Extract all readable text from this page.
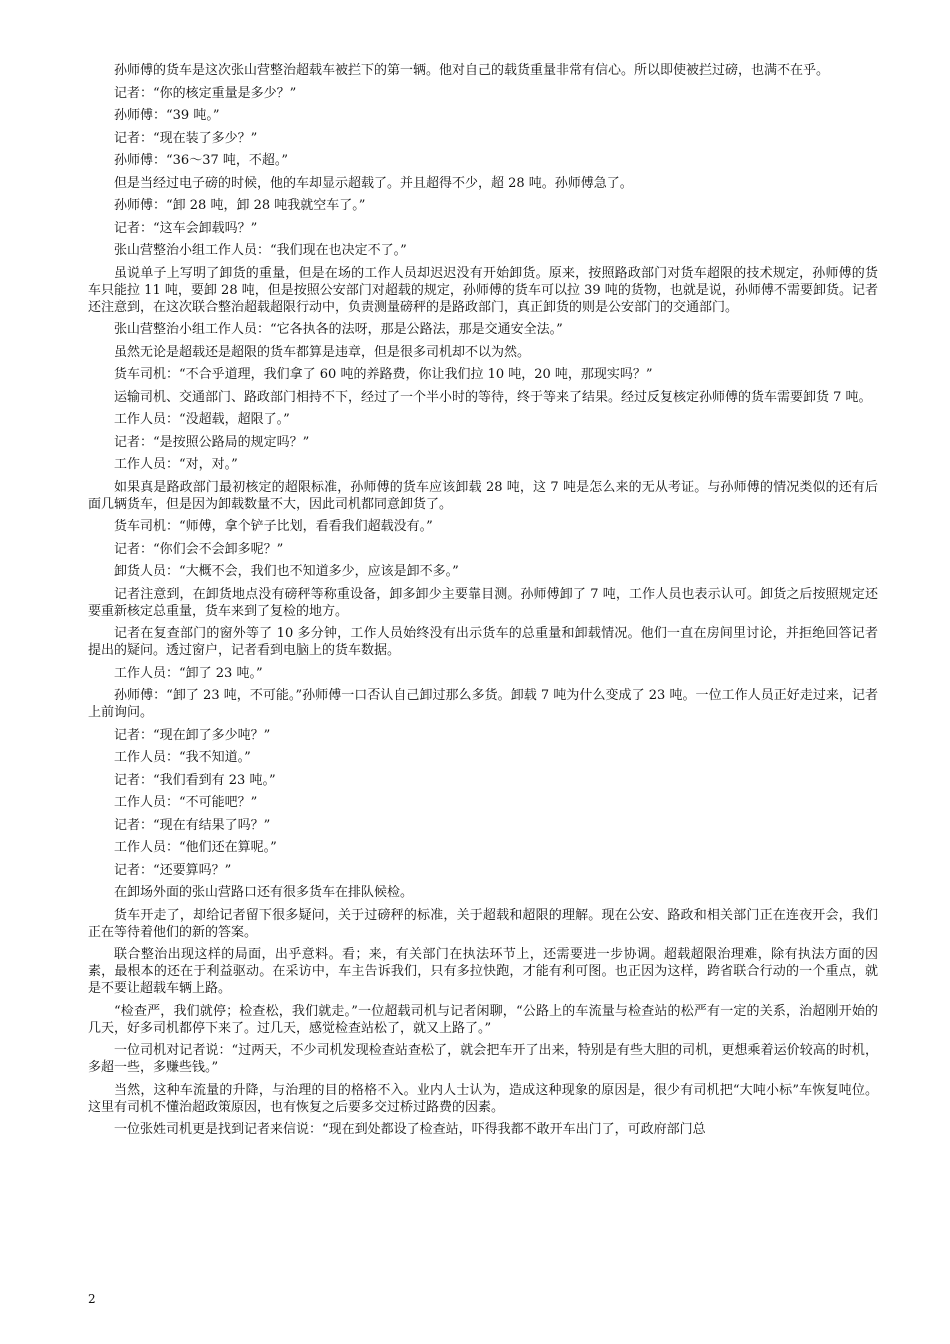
孙师傅的货车是这次张山营整治超载车被拦下的第一辆。他对自己的载货重量非常有信心。所以即使被拦过磅，也满不在乎。

记者：“你的核定重量是多少？”

孙师傅：“39 吨。”

记者：“现在装了多少？”

孙师傅：“36～37 吨，不超。”

但是当经过电子磅的时候，他的车却显示超载了。并且超得不少，超 28 吨。孙师傅急了。

孙师傅：“卸 28 吨，卸 28 吨我就空车了。”

记者：“这车会卸载吗？”

张山营整治小组工作人员：“我们现在也决定不了。”

虽说单子上写明了卸货的重量，但是在场的工作人员却迟迟没有开始卸货。原来，按照路政部门对货车超限的技术规定，孙师傅的货车只能拉 11 吨，要卸 28 吨，但是按照公安部门对超载的规定，孙师傅的货车可以拉 39 吨的货物，也就是说，孙师傅不需要卸货。记者还注意到，在这次联合整治超载超限行动中，负责测量磅秤的是路政部门，真正卸货的则是公安部门的交通部门。

张山营整治小组工作人员：“它各执各的法呀，那是公路法，那是交通安全法。”

虽然无论是超载还是超限的货车都算是违章，但是很多司机却不以为然。

货车司机：“不合乎道理，我们拿了 60 吨的养路费，你让我们拉 10 吨，20 吨，那现实吗？”

运输司机、交通部门、路政部门相持不下，经过了一个半小时的等待，终于等来了结果。经过反复核定孙师傅的货车需要卸货 7 吨。

工作人员：“没超载，超限了。”

记者：“是按照公路局的规定吗？”

工作人员：“对，对。”

如果真是路政部门最初核定的超限标准，孙师傅的货车应该卸载 28 吨，这 7 吨是怎么来的无从考证。与孙师傅的情况类似的还有后面几辆货车，但是因为卸载数量不大，因此司机都同意卸货了。

货车司机：“师傅，拿个铲子比划，看看我们超载没有。”

记者：“你们会不会卸多呢？”

卸货人员：“大概不会，我们也不知道多少，应该是卸不多。”

记者注意到，在卸货地点没有磅秤等称重设备，卸多卸少主要靠目测。孙师傅卸了 7 吨，工作人员也表示认可。卸货之后按照规定还要重新核定总重量，货车来到了复检的地方。

记者在复查部门的窗外等了 10 多分钟，工作人员始终没有出示货车的总重量和卸载情况。他们一直在房间里讨论，并拒绝回答记者提出的疑问。透过窗户，记者看到电脑上的货车数据。

工作人员：“卸了 23 吨。”

孙师傅：“卸了 23 吨，不可能。”孙师傅一口否认自己卸过那么多货。卸载 7 吨为什么变成了 23 吨。一位工作人员正好走过来，记者上前询问。

记者：“现在卸了多少吨？”

工作人员：“我不知道。”

记者：“我们看到有 23 吨。”

工作人员：“不可能吧？”

记者：“现在有结果了吗？”

工作人员：“他们还在算呢。”

记者：“还要算吗？”

在卸场外面的张山营路口还有很多货车在排队候检。

货车开走了，却给记者留下很多疑问，关于过磅秤的标准，关于超载和超限的理解。现在公安、路政和相关部门正在连夜开会，我们正在等待着他们的新的答案。

联合整治出现这样的局面，出乎意料。看；来，有关部门在执法环节上，还需要进一步协调。超载超限治理难，除有执法方面的因素，最根本的还在于利益驱动。在采访中，车主告诉我们，只有多拉快跑，才能有利可图。也正因为这样，跨省联合行动的一个重点，就是不要让超载车辆上路。

“检查严，我们就停；检查松，我们就走。”一位超载司机与记者闲聊，“公路上的车流量与检查站的松严有一定的关系，治超刚开始的几天，好多司机都停下来了。过几天，感觉检查站松了，就又上路了。”

一位司机对记者说：“过两天，不少司机发现检查站查松了，就会把车开了出来，特别是有些大胆的司机，更想乘着运价较高的时机，多超一些，多赚些钱。”

当然，这种车流量的升降，与治理的目的格格不入。业内人士认为，造成这种现象的原因是，很少有司机把“大吨小标”车恢复吨位。这里有司机不懂治超政策原因，也有恢复之后要多交过桥过路费的因素。

一位张姓司机更是找到记者来信说：“现在到处都设了检查站，吓得我都不敢开车出门了，可政府部门总

2
